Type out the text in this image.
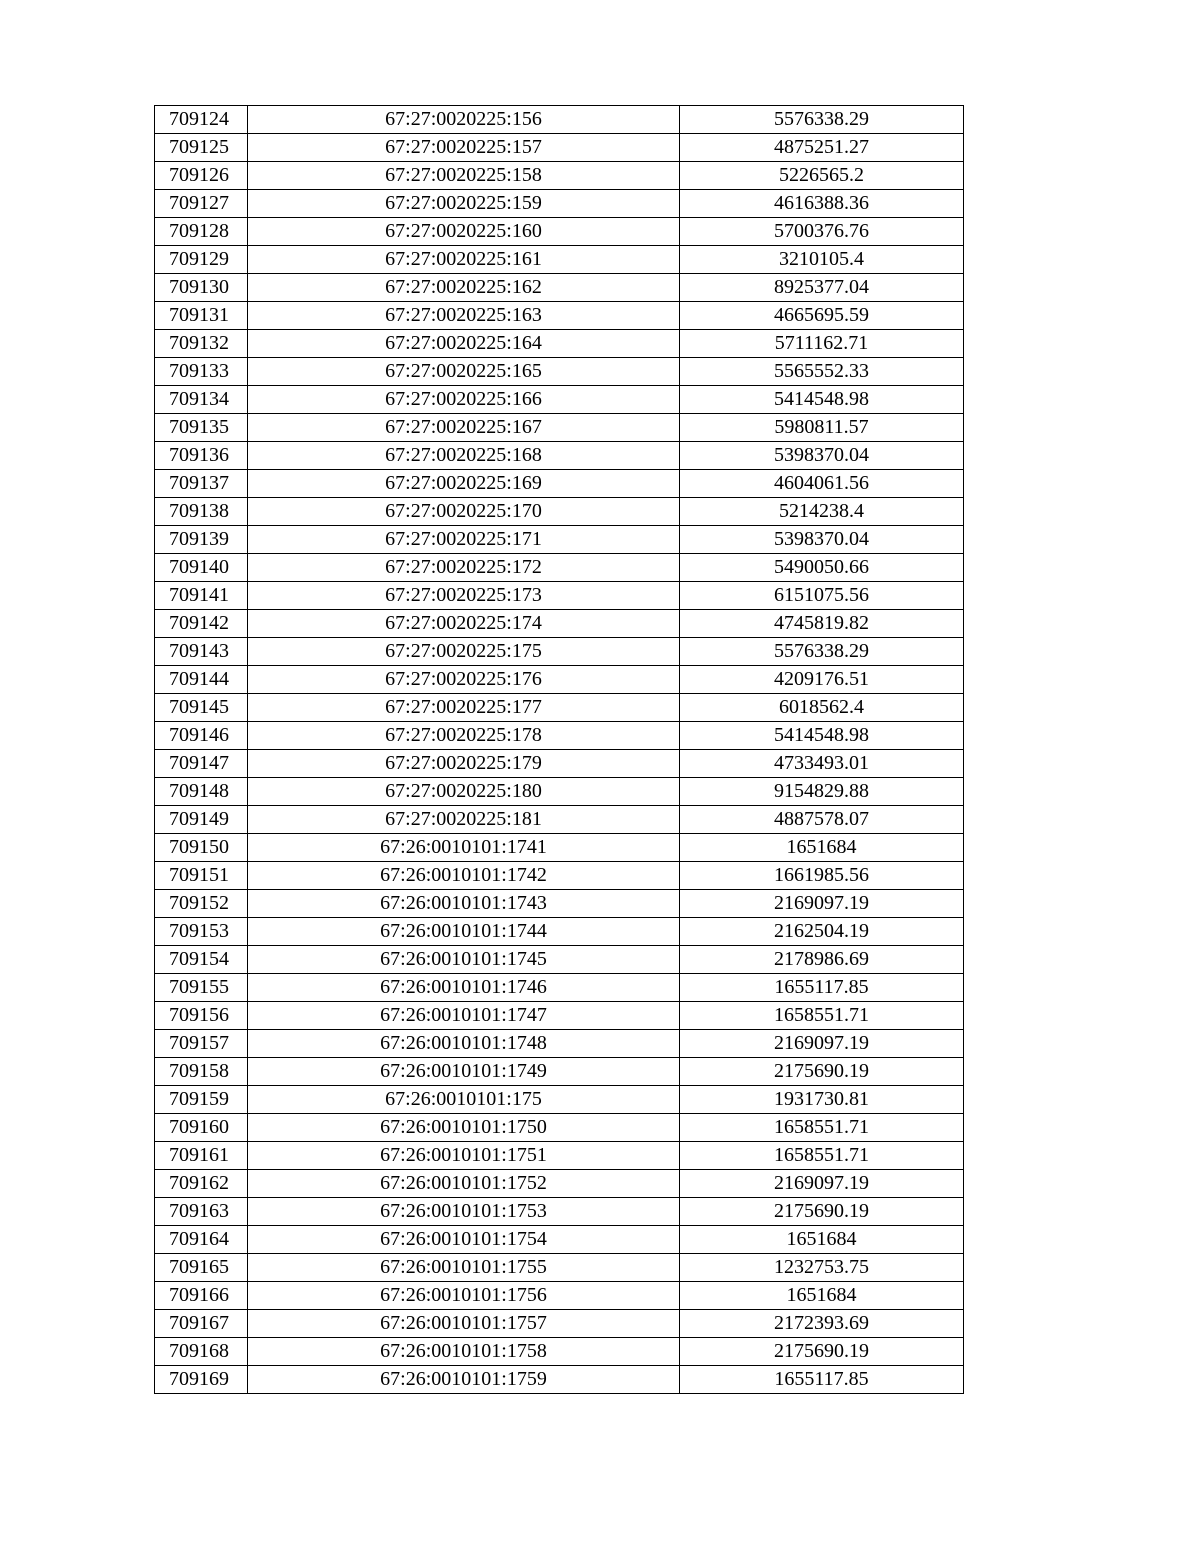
709124	67:27:0020225:156	5576338.29
709125	67:27:0020225:157	4875251.27
709126	67:27:0020225:158	5226565.2
709127	67:27:0020225:159	4616388.36
709128	67:27:0020225:160	5700376.76
709129	67:27:0020225:161	3210105.4
709130	67:27:0020225:162	8925377.04
709131	67:27:0020225:163	4665695.59
709132	67:27:0020225:164	5711162.71
709133	67:27:0020225:165	5565552.33
709134	67:27:0020225:166	5414548.98
709135	67:27:0020225:167	5980811.57
709136	67:27:0020225:168	5398370.04
709137	67:27:0020225:169	4604061.56
709138	67:27:0020225:170	5214238.4
709139	67:27:0020225:171	5398370.04
709140	67:27:0020225:172	5490050.66
709141	67:27:0020225:173	6151075.56
709142	67:27:0020225:174	4745819.82
709143	67:27:0020225:175	5576338.29
709144	67:27:0020225:176	4209176.51
709145	67:27:0020225:177	6018562.4
709146	67:27:0020225:178	5414548.98
709147	67:27:0020225:179	4733493.01
709148	67:27:0020225:180	9154829.88
709149	67:27:0020225:181	4887578.07
709150	67:26:0010101:1741	1651684
709151	67:26:0010101:1742	1661985.56
709152	67:26:0010101:1743	2169097.19
709153	67:26:0010101:1744	2162504.19
709154	67:26:0010101:1745	2178986.69
709155	67:26:0010101:1746	1655117.85
709156	67:26:0010101:1747	1658551.71
709157	67:26:0010101:1748	2169097.19
709158	67:26:0010101:1749	2175690.19
709159	67:26:0010101:175	1931730.81
709160	67:26:0010101:1750	1658551.71
709161	67:26:0010101:1751	1658551.71
709162	67:26:0010101:1752	2169097.19
709163	67:26:0010101:1753	2175690.19
709164	67:26:0010101:1754	1651684
709165	67:26:0010101:1755	1232753.75
709166	67:26:0010101:1756	1651684
709167	67:26:0010101:1757	2172393.69
709168	67:26:0010101:1758	2175690.19
709169	67:26:0010101:1759	1655117.85
